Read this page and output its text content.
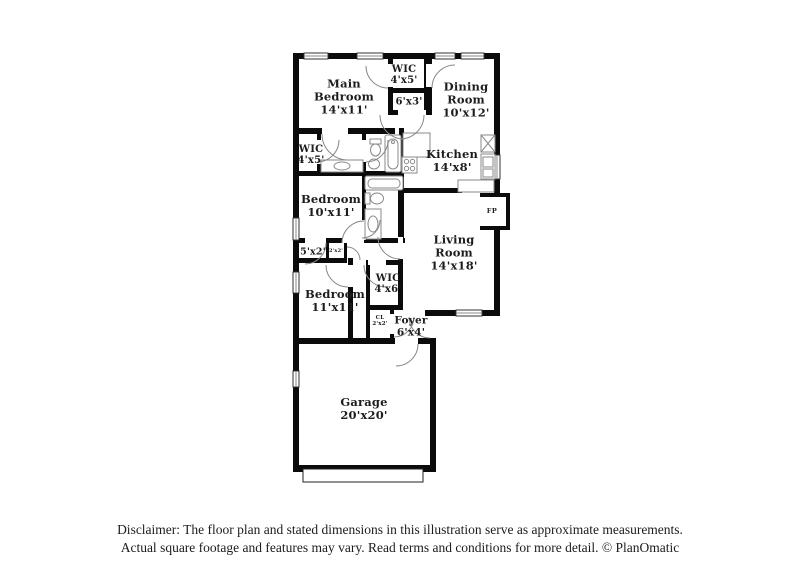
Main Bedroom
14'x11'
WIC
4'x5'
6'x3'
Dining Room
10'x12'
WIC
4'x5'	Kitchen
14'x8'
Bedroom
10'x11'
5'x2' 2'x2'
Living Room
14'x18'
WIC
4'x6'
Bedroom
11'x11'
CL
2'x2' Foyer
6'x4'
Garage
20'x20'
FP
Disclaimer: The floor plan and stated dimensions in this illustration serve as approximate measurements.
Actual square footage and features may vary. Read terms and conditions for more detail. © PlanOmatic
